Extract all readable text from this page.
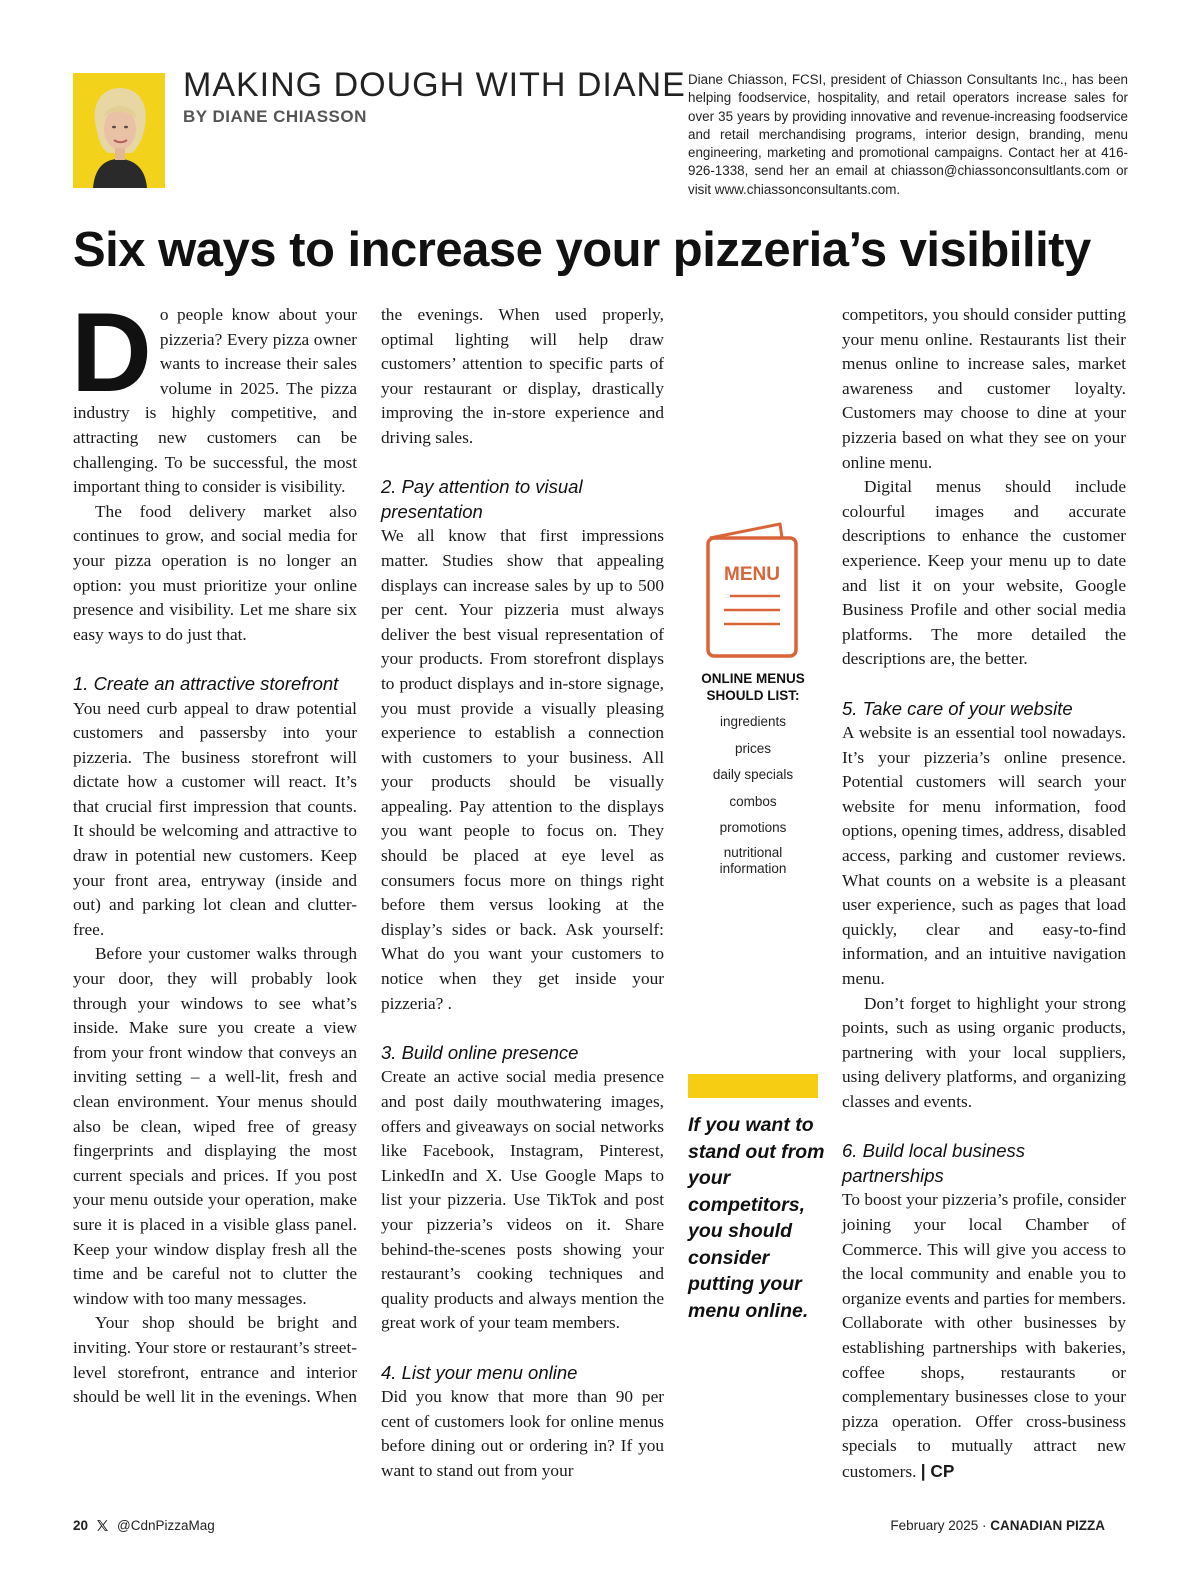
MAKING DOUGH WITH DIANE
BY DIANE CHIASSON

Diane Chiasson, FCSI, president of Chiasson Consultants Inc., has been helping foodservice, hospitality, and retail operators increase sales for over 35 years by providing innovative and revenue-increasing foodservice and retail merchandising programs, interior design, branding, menu engineering, marketing and promotional campaigns. Contact her at 416-926-1338, send her an email at chiasson@chiassonconsultlants.com or visit www.chiassonconsultants.com.

Six ways to increase your pizzeria’s visibility

Do people know about your pizzeria? Every pizza owner wants to increase their sales volume in 2025. The pizza industry is highly competitive, and attracting new customers can be challenging. To be successful, the most important thing to consider is visibility.

The food delivery market also continues to grow, and social media for your pizza operation is no longer an option: you must prioritize your online presence and visibility. Let me share six easy ways to do just that.

1. Create an attractive storefront

You need curb appeal to draw potential customers and passersby into your pizzeria. The business storefront will dictate how a customer will react. It’s that crucial first impression that counts. It should be welcoming and attractive to draw in potential new customers. Keep your front area, entryway (inside and out) and parking lot clean and clutter-free.

Before your customer walks through your door, they will probably look through your windows to see what’s inside. Make sure you create a view from your front window that conveys an inviting setting – a well-lit, fresh and clean environment. Your menus should also be clean, wiped free of greasy fingerprints and displaying the most current specials and prices. If you post your menu outside your operation, make sure it is placed in a visible glass panel. Keep your window display fresh all the time and be careful not to clutter the window with too many messages.

Your shop should be bright and inviting. Your store or restaurant’s street-level storefront, entrance and interior should be well lit in the evenings. When

the evenings. When used properly, optimal lighting will help draw customers’ attention to specific parts of your restaurant or display, drastically improving the in-store experience and driving sales.

2. Pay attention to visual presentation

We all know that first impressions matter. Studies show that appealing displays can increase sales by up to 500 per cent. Your pizzeria must always deliver the best visual representation of your products. From storefront displays to product displays and in-store signage, you must provide a visually pleasing experience to establish a connection with customers to your business. All your products should be visually appealing. Pay attention to the displays you want people to focus on. They should be placed at eye level as consumers focus more on things right before them versus looking at the display’s sides or back. Ask yourself: What do you want your customers to notice when they get inside your pizzeria? .

3. Build online presence

Create an active social media presence and post daily mouthwatering images, offers and giveaways on social networks like Facebook, Instagram, Pinterest, LinkedIn and X. Use Google Maps to list your pizzeria. Use TikTok and post your pizzeria’s videos on it. Share behind-the-scenes posts showing your restaurant’s cooking techniques and quality products and always mention the great work of your team members.

4. List your menu online

Did you know that more than 90 per cent of customers look for online menus before dining out or ordering in? If you want to stand out from your

MENU
ONLINE MENUS SHOULD LIST:
ingredients
prices
daily specials
combos
promotions
nutritional information

If you want to stand out from your competitors, you should consider putting your menu online.

competitors, you should consider putting your menu online. Restaurants list their menus online to increase sales, market awareness and customer loyalty. Customers may choose to dine at your pizzeria based on what they see on your online menu.

Digital menus should include colourful images and accurate descriptions to enhance the customer experience. Keep your menu up to date and list it on your website, Google Business Profile and other social media platforms. The more detailed the descriptions are, the better.

5. Take care of your website

A website is an essential tool nowadays. It’s your pizzeria’s online presence. Potential customers will search your website for menu information, food options, opening times, address, disabled access, parking and customer reviews. What counts on a website is a pleasant user experience, such as pages that load quickly, clear and easy-to-find information, and an intuitive navigation menu.

Don’t forget to highlight your strong points, such as using organic products, partnering with your local suppliers, using delivery platforms, and organizing classes and events.

6. Build local business partnerships

To boost your pizzeria’s profile, consider joining your local Chamber of Commerce. This will give you access to the local community and enable you to organize events and parties for members. Collaborate with other businesses by establishing partnerships with bakeries, coffee shops, restaurants or complementary businesses close to your pizza operation. Offer cross-business specials to mutually attract new customers. | CP

20 @CdnPizzaMag	February 2025 · CANADIAN PIZZA
